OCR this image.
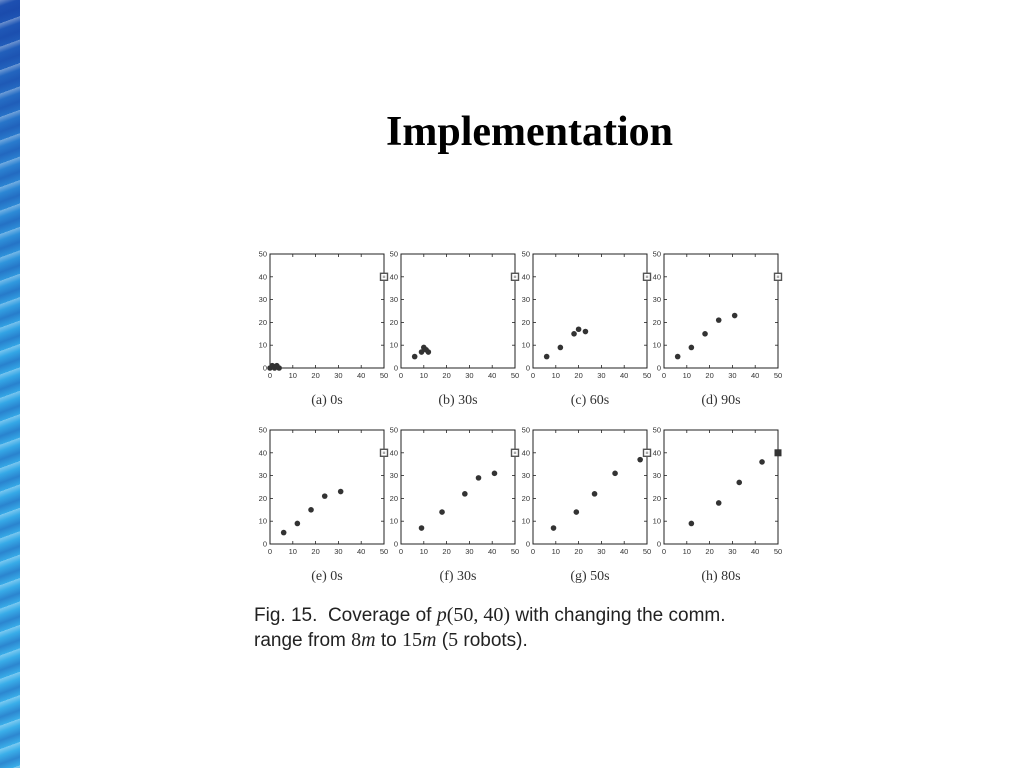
Implementation
0 10 20 30 40 50
0
10
20
30
40
50
(a) 0s
0 10 20 30 40 50
0
10
20
30
40
50
(b) 30s
0 10 20 30 40 50
0
10
20
30
40
50
(c) 60s
0 10 20 30 40 50
0
10
20
30
40
50
(d) 90s
0 10 20 30 40 50
0
10
20
30
40
50
(e) 0s
0 10 20 30 40 50
0
10
20
30
40
50
(f) 30s
0 10 20 30 40 50
0
10
20
30
40
50
(g) 50s
0 10 20 30 40 50
0
10
20
30
40
50
(h) 80s
Fig. 15. Coverage of p(50, 40) with changing the comm.
range from 8m to 15m (5 robots).
